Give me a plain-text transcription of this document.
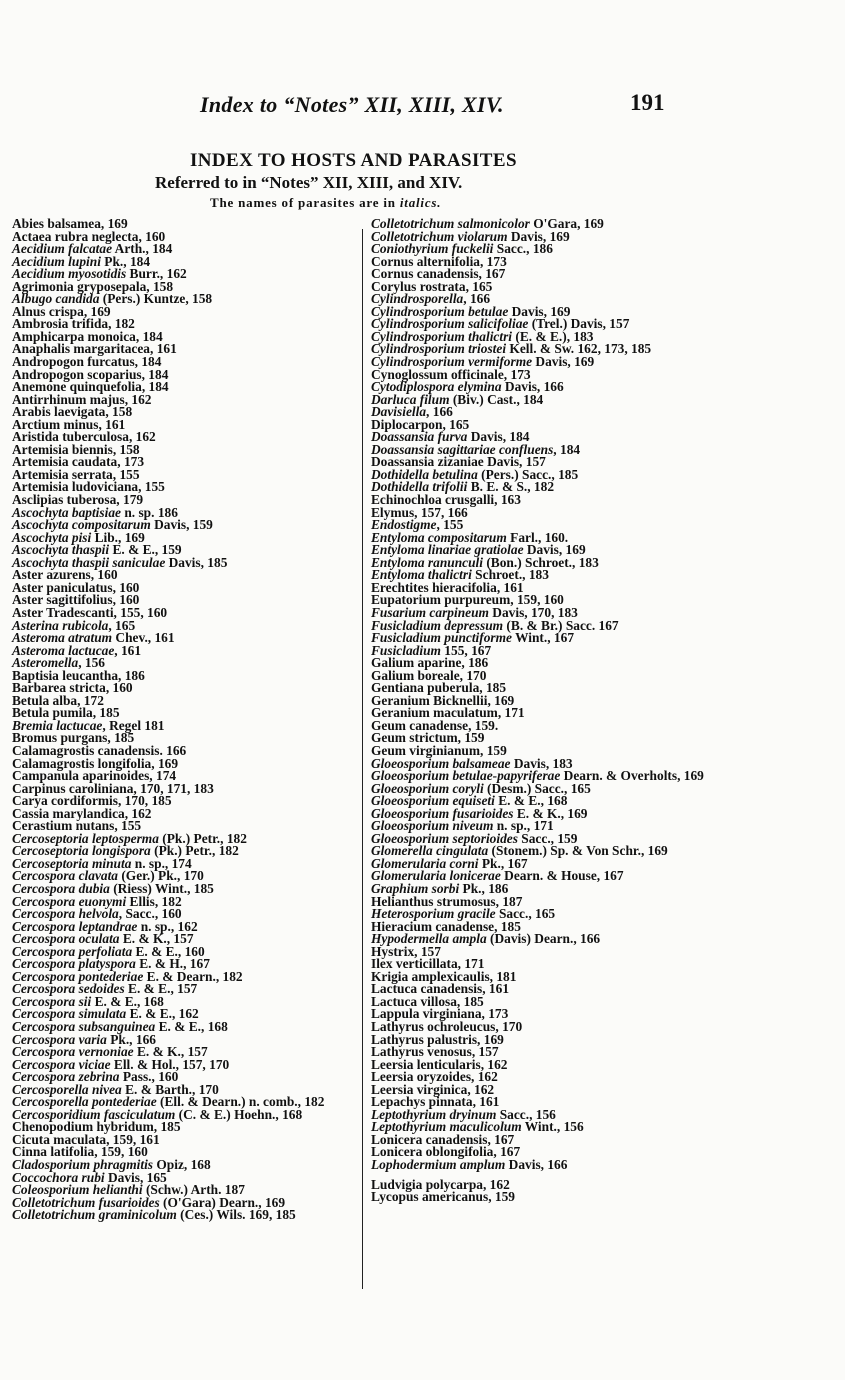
Index to “Notes” XII, XIII, XIV.	191
INDEX TO HOSTS AND PARASITES
Referred to in “Notes” XII, XIII, and XIV.
The names of parasites are in italics.
Abies balsamea, 169
Actaea rubra neglecta, 160
Aecidium falcatae Arth., 184
Aecidium lupini Pk., 184
Aecidium myosotidis Burr., 162
Agrimonia gryposepala, 158
Albugo candida (Pers.) Kuntze, 158
Alnus crispa, 169
Ambrosia trifida, 182
Amphicarpa monoica, 184
Anaphalis margaritacea, 161
Andropogon furcatus, 184
Andropogon scoparius, 184
Anemone quinquefolia, 184
Antirrhinum majus, 162
Arabis laevigata, 158
Arctium minus, 161
Aristida tuberculosa, 162
Artemisia biennis, 158
Artemisia caudata, 173
Artemisia serrata, 155
Artemisia ludoviciana, 155
Asclipias tuberosa, 179
Ascochyta baptisiae n. sp. 186
Ascochyta compositarum Davis, 159
Ascochyta pisi Lib., 169
Ascochyta thaspii E. & E., 159
Ascochyta thaspii saniculae Davis, 185
Aster azurens, 160
Aster paniculatus, 160
Aster sagittifolius, 160
Aster Tradescanti, 155, 160
Asterina rubicola, 165
Asteroma atratum Chev., 161
Asteroma lactucae, 161
Asteromella, 156
Baptisia leucantha, 186
Barbarea stricta, 160
Betula alba, 172
Betula pumila, 185
Bremia lactucae, Regel 181
Bromus purgans, 185
Calamagrostis canadensis. 166
Calamagrostis longifolia, 169
Campanula aparinoides, 174
Carpinus caroliniana, 170, 171, 183
Carya cordiformis, 170, 185
Cassia marylandica, 162
Cerastium nutans, 155
Cercoseptoria leptosperma (Pk.) Petr., 182
Cercoseptoria longispora (Pk.) Petr., 182
Cercoseptoria minuta n. sp., 174
Cercospora clavata (Ger.) Pk., 170
Cercospora dubia (Riess) Wint., 185
Cercospora euonymi Ellis, 182
Cercospora helvola, Sacc., 160
Cercospora leptandrae n. sp., 162
Cercospora oculata E. & K., 157
Cercospora perfoliata E. & E., 160
Cercospora platyspora E. & H., 167
Cercospora pontederiae E. & Dearn., 182
Cercospora sedoides E. & E., 157
Cercospora sii E. & E., 168
Cercospora simulata E. & E., 162
Cercospora subsanguinea E. & E., 168
Cercospora varia Pk., 166
Cercospora vernoniae E. & K., 157
Cercospora viciae Ell. & Hol., 157, 170
Cercospora zebrina Pass., 160
Cercosporella nivea E. & Barth., 170
Cercosporella pontederiae (Ell. & Dearn.) n. comb., 182
Cercosporidium fasciculatum (C. & E.) Hoehn., 168
Chenopodium hybridum, 185
Cicuta maculata, 159, 161
Cinna latifolia, 159, 160
Cladosporium phragmitis Opiz, 168
Coccochora rubi Davis, 165
Coleosporium helianthi (Schw.) Arth. 187
Colletotrichum fusarioides (O'Gara) Dearn., 169
Colletotrichum graminicolum (Ces.) Wils. 169, 185
Colletotrichum salmonicolor O'Gara, 169
Colletotrichum violarum Davis, 169
Coniothyrium fuckelii Sacc., 186
Cornus alternifolia, 173
Cornus canadensis, 167
Corylus rostrata, 165
Cylindrosporella, 166
Cylindrosporium betulae Davis, 169
Cylindrosporium salicifoliae (Trel.) Davis, 157
Cylindrosporium thalictri (E. & E.), 183
Cylindrosporium triostei Kell. & Sw. 162, 173, 185
Cylindrosporium vermiforme Davis, 169
Cynoglossum officinale, 173
Cytodiplospora elymina Davis, 166
Darluca filum (Biv.) Cast., 184
Davisiella, 166
Diplocarpon, 165
Doassansia furva Davis, 184
Doassansia sagittariae confluens, 184
Doassansia zizaniae Davis, 157
Dothidella betulina (Pers.) Sacc., 185
Dothidella trifolii B. E. & S., 182
Echinochloa crusgalli, 163
Elymus, 157, 166
Endostigme, 155
Entyloma compositarum Farl., 160.
Entyloma linariae gratiolae Davis, 169
Entyloma ranunculi (Bon.) Schroet., 183
Entyloma thalictri Schroet., 183
Erechtites hieracifolia, 161
Eupatorium purpureum, 159, 160
Fusarium carpineum Davis, 170, 183
Fusicladium depressum (B. & Br.) Sacc. 167
Fusicladium punctiforme Wint., 167
Fusicladium 155, 167
Galium aparine, 186
Galium boreale, 170
Gentiana puberula, 185
Geranium Bicknellii, 169
Geranium maculatum, 171
Geum canadense, 159.
Geum strictum, 159
Geum virginianum, 159
Gloeosporium balsameae Davis, 183
Gloeosporium betulae-papyriferae Dearn. & Overholts, 169
Gloeosporium coryli (Desm.) Sacc., 165
Gloeosporium equiseti E. & E., 168
Gloeosporium fusarioides E. & K., 169
Gloeosporium niveum n. sp., 171
Gloeosporium septorioides Sacc., 159
Glomerella cingulata (Stonem.) Sp. & Von Schr., 169
Glomerularia corni Pk., 167
Glomerularia lonicerae Dearn. & House, 167
Graphium sorbi Pk., 186
Helianthus strumosus, 187
Heterosporium gracile Sacc., 165
Hieracium canadense, 185
Hypodermella ampla (Davis) Dearn., 166
Hystrix, 157
Ilex verticillata, 171
Krigia amplexicaulis, 181
Lactuca canadensis, 161
Lactuca villosa, 185
Lappula virginiana, 173
Lathyrus ochroleucus, 170
Lathyrus palustris, 169
Lathyrus venosus, 157
Leersia lenticularis, 162
Leersia oryzoides, 162
Leersia virginica, 162
Lepachys pinnata, 161
Leptothyrium dryinum Sacc., 156
Leptothyrium maculicolum Wint., 156
Lonicera canadensis, 167
Lonicera oblongifolia, 167
Lophodermium amplum Davis, 166
Ludvigia polycarpa, 162
Lycopus americanus, 159
